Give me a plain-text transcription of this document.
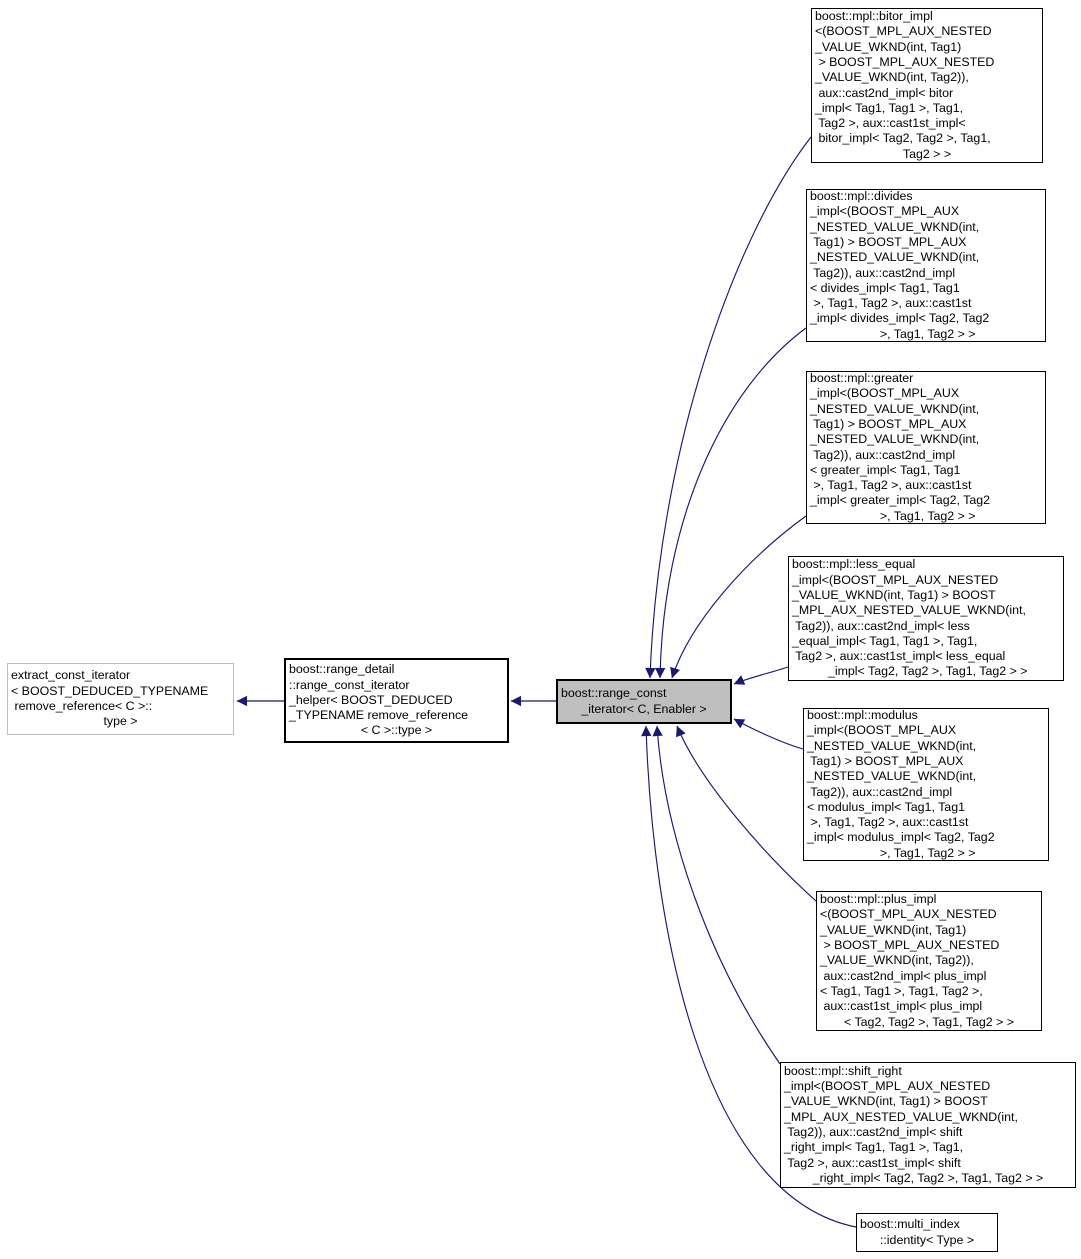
extract_const_iterator
< BOOST_DEDUCED_TYPENAME
remove_reference< C >::
type >
boost::range_detail
::range_const_iterator
_helper< BOOST_DEDUCED
_TYPENAME remove_reference
< C >::type >
boost::range_const
_iterator< C, Enabler >
boost::mpl::bitor_impl
<(BOOST_MPL_AUX_NESTED
_VALUE_WKND(int, Tag1)
> BOOST_MPL_AUX_NESTED
_VALUE_WKND(int, Tag2)),
aux::cast2nd_impl< bitor
_impl< Tag1, Tag1 >, Tag1,
Tag2 >, aux::cast1st_impl<
bitor_impl< Tag2, Tag2 >, Tag1,
Tag2 > >
boost::mpl::divides
_impl<(BOOST_MPL_AUX
_NESTED_VALUE_WKND(int,
Tag1) > BOOST_MPL_AUX
_NESTED_VALUE_WKND(int,
Tag2)), aux::cast2nd_impl
< divides_impl< Tag1, Tag1
>, Tag1, Tag2 >, aux::cast1st
_impl< divides_impl< Tag2, Tag2
>, Tag1, Tag2 > >
boost::mpl::greater
_impl<(BOOST_MPL_AUX
_NESTED_VALUE_WKND(int,
Tag1) > BOOST_MPL_AUX
_NESTED_VALUE_WKND(int,
Tag2)), aux::cast2nd_impl
< greater_impl< Tag1, Tag1
>, Tag1, Tag2 >, aux::cast1st
_impl< greater_impl< Tag2, Tag2
>, Tag1, Tag2 > >
boost::mpl::less_equal
_impl<(BOOST_MPL_AUX_NESTED
_VALUE_WKND(int, Tag1) > BOOST
_MPL_AUX_NESTED_VALUE_WKND(int,
Tag2)), aux::cast2nd_impl< less
_equal_impl< Tag1, Tag1 >, Tag1,
Tag2 >, aux::cast1st_impl< less_equal
_impl< Tag2, Tag2 >, Tag1, Tag2 > >
boost::mpl::modulus
_impl<(BOOST_MPL_AUX
_NESTED_VALUE_WKND(int,
Tag1) > BOOST_MPL_AUX
_NESTED_VALUE_WKND(int,
Tag2)), aux::cast2nd_impl
< modulus_impl< Tag1, Tag1
>, Tag1, Tag2 >, aux::cast1st
_impl< modulus_impl< Tag2, Tag2
>, Tag1, Tag2 > >
boost::mpl::plus_impl
<(BOOST_MPL_AUX_NESTED
_VALUE_WKND(int, Tag1)
> BOOST_MPL_AUX_NESTED
_VALUE_WKND(int, Tag2)),
aux::cast2nd_impl< plus_impl
< Tag1, Tag1 >, Tag1, Tag2 >,
aux::cast1st_impl< plus_impl
< Tag2, Tag2 >, Tag1, Tag2 > >
boost::mpl::shift_right
_impl<(BOOST_MPL_AUX_NESTED
_VALUE_WKND(int, Tag1) > BOOST
_MPL_AUX_NESTED_VALUE_WKND(int,
Tag2)), aux::cast2nd_impl< shift
_right_impl< Tag1, Tag1 >, Tag1,
Tag2 >, aux::cast1st_impl< shift
_right_impl< Tag2, Tag2 >, Tag1, Tag2 > >
boost::multi_index
::identity< Type >
